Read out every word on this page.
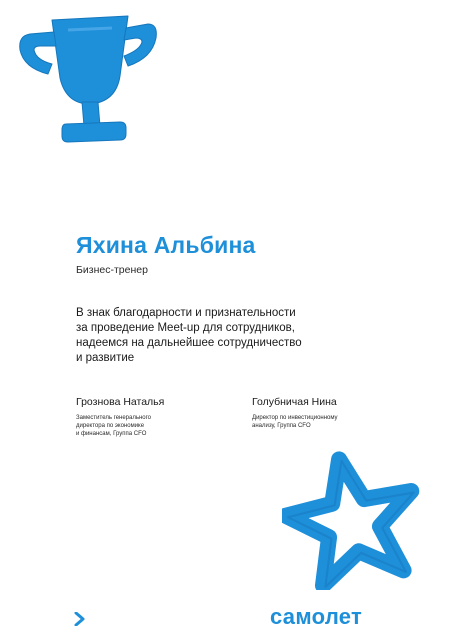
Яхина Альбина
Бизнес-тренер
В знак благодарности и признательности
за проведение Meet-up для сотрудников,
надеемся на дальнейшее сотрудничество
и развитие
Грознова Наталья
Заместитель генерального
директора по экономике
и финансам, Группа CFO
Голубничая Нина
Директор по инвестиционному
анализу, Группа CFO
самолет
